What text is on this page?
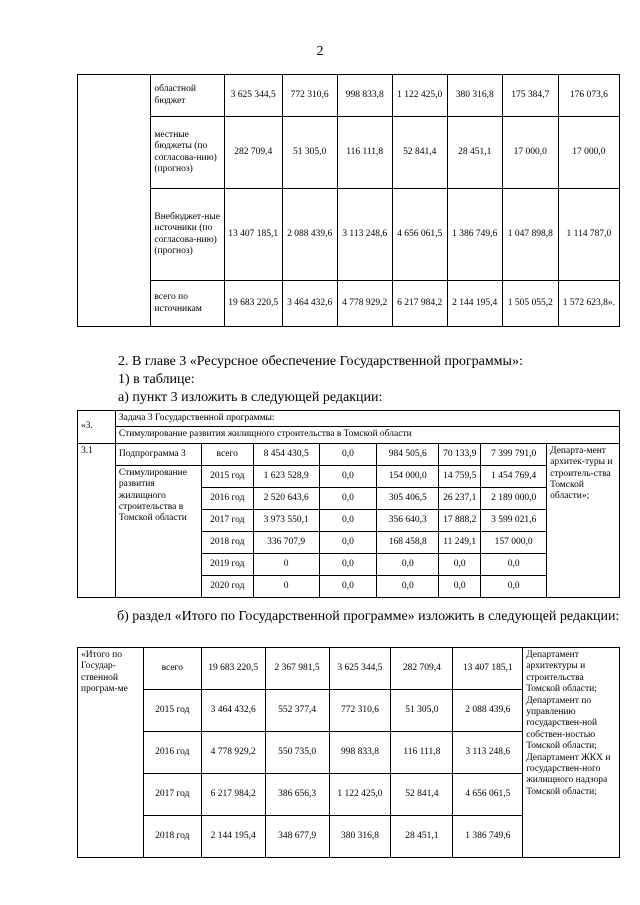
2
	областной бюджет	3 625 344,5	772 310,6	998 833,8	1 122 425,0	380 316,8	175 384,7	176 073,6
	местные бюджеты (по согласова-нию) (прогноз)	282 709,4	51 305,0	116 111,8	52 841,4	28 451,1	17 000,0	17 000,0
	Внебюджет-ные источники (по согласова-нию) (прогноз)	13 407 185,1	2 088 439,6	3 113 248,6	4 656 061,5	1 386 749,6	1 047 898,8	1 114 787,0
	всего по источникам	19 683 220,5	3 464 432,6	4 778 929,2	6 217 984,2	2 144 195,4	1 505 055,2	1 572 623,8».
2. В главе 3 «Ресурсное обеспечение Государственной программы»:
1) в таблице:
а) пункт 3 изложить в следующей редакции:
«3.	Задача 3 Государственной программы:							
	Стимулирование развития жилищного строительства в Томской области							
3.1	Подпрограмма 3	всего	8 454 430,5	0,0	984 505,6	70 133,9	7 399 791,0	Департа-мент архитек-туры и строитель-ства Томской области»;
	Стимулирование развития жилищного строительства в Томской области	2015 год	1 623 528,9	0,0	154 000,0	14 759,5	1 454 769,4	
		2016 год	2 520 643,6	0,0	305 406,5	26 237,1	2 189 000,0	
		2017 год	3 973 550,1	0,0	356 640,3	17 888,2	3 599 021,6	
		2018 год	336 707,9	0,0	168 458,8	11 249,1	157 000,0	
		2019 год	0	0,0	0,0	0,0	0,0	
		2020 год	0	0,0	0,0	0,0	0,0	
б) раздел «Итого по Государственной программе» изложить в следующей редакции:
«Итого по Государ-ственной програм-ме	всего	19 683 220,5	2 367 981,5	3 625 344,5	282 709,4	13 407 185,1	Департамент архитектуры и строительства Томской области; Департамент по управлению государствен-ной собствен-ностью Томской области; Департамент ЖКХ и государствен-ного жилищного надзора Томской области;
	2015 год	3 464 432,6	552 377,4	772 310,6	51 305,0	2 088 439,6	
	2016 год	4 778 929,2	550 735,0	998 833,8	116 111,8	3 113 248,6	
	2017 год	6 217 984,2	386 656,3	1 122 425,0	52 841,4	4 656 061,5	
	2018 год	2 144 195,4	348 677,9	380 316,8	28 451,1	1 386 749,6	
